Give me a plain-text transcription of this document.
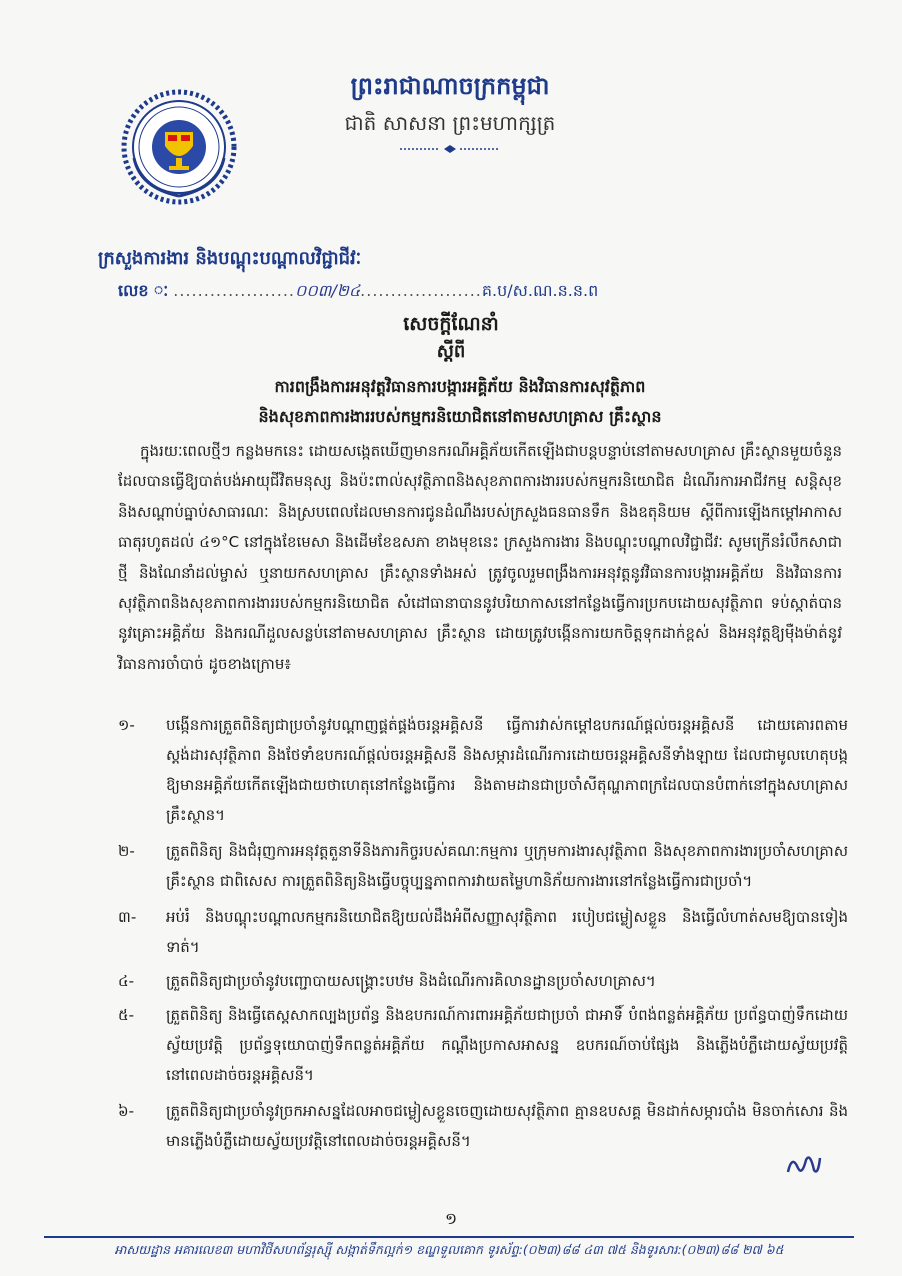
ព្រះរាជាណាចក្រកម្ពុជា
ជាតិ សាសនា ព្រះមហាក្សត្រ
ក្រសួងការងារ និងបណ្តុះបណ្តាលវិជ្ជាជីវៈ
លេខ ៈ ....................០០៣/២៤....................គ.ប/ស.ណ.ន.ន.ព
សេចក្តីណែនាំ
ស្តីពី
ការពង្រឹងការអនុវត្តវិធានការបង្ការអគ្គិភ័យ និងវិធានការសុវត្ថិភាព
និងសុខភាពការងាររបស់កម្មករនិយោជិតនៅតាមសហគ្រាស គ្រឹះស្ថាន
ក្នុងរយៈពេលថ្មីៗ កន្លងមកនេះ ដោយសង្កេតឃើញមានករណីអគ្គិភ័យកើតឡើងជាបន្តបន្ទាប់នៅតាមសហគ្រាស គ្រឹះស្ថានមួយចំនួន ដែលបានធ្វើឱ្យបាត់បង់អាយុជីវិតមនុស្ស និងប៉ះពាល់សុវត្ថិភាពនិងសុខភាពការងាររបស់កម្មករនិយោជិត ដំណើរការអាជីវកម្ម សន្តិសុខ និងសណ្តាប់ធ្នាប់សាធារណៈ និងស្របពេលដែលមានការជូនដំណឹងរបស់ក្រសួងធនធានទឹក និងឧតុនិយម ស្តីពីការឡើងកម្តៅអាកាសធាតុរហូតដល់ ៤១°C នៅក្នុងខែមេសា និងដើមខែឧសភា ខាងមុខនេះ ក្រសួងការងារ និងបណ្តុះបណ្តាលវិជ្ជាជីវៈ សូមក្រើនរំលឹកសាជាថ្មី និងណែនាំដល់ម្ចាស់ ឬនាយកសហគ្រាស គ្រឹះស្ថានទាំងអស់ ត្រូវចូលរួមពង្រឹងការអនុវត្តនូវវិធានការបង្ការអគ្គិភ័យ និងវិធានការសុវត្ថិភាពនិងសុខភាពការងាររបស់កម្មករនិយោជិត សំដៅធានាបាននូវបរិយាកាសនៅកន្លែងធ្វើការប្រកបដោយសុវត្ថិភាព ទប់ស្កាត់បាននូវគ្រោះអគ្គិភ័យ និងករណីដួលសន្លប់នៅតាមសហគ្រាស គ្រឹះស្ថាន ដោយត្រូវបង្កើនការយកចិត្តទុកដាក់ខ្ពស់ និងអនុវត្តឱ្យម៉ឺងម៉ាត់នូវវិធានការចាំបាច់ ដូចខាងក្រោម៖
១-	បង្កើនការត្រួតពិនិត្យជាប្រចាំនូវបណ្តាញផ្គត់ផ្គង់ចរន្តអគ្គិសនី ធ្វើការវាស់កម្តៅឧបករណ៍ផ្តល់ចរន្តអគ្គិសនី ដោយគោរពតាមស្តង់ដារសុវត្ថិភាព និងថែទាំឧបករណ៍ផ្តល់ចរន្តអគ្គិសនី និងសម្ភារដំណើរការដោយចរន្តអគ្គិសនីទាំងឡាយ ដែលជាមូលហេតុបង្កឱ្យមានអគ្គិភ័យកើតឡើងជាយថាហេតុនៅកន្លែងធ្វើការ និងតាមដានជាប្រចាំសីតុណ្ហភាពក្រដែលបានបំពាក់នៅក្នុងសហគ្រាស គ្រឹះស្ថាន។
២-	ត្រួតពិនិត្យ និងជំរុញការអនុវត្តតួនាទីនិងភារកិច្ចរបស់គណៈកម្មការ ឬក្រុមការងារសុវត្ថិភាព និងសុខភាពការងារប្រចាំសហគ្រាស គ្រឹះស្ថាន ជាពិសេស ការត្រួតពិនិត្យនិងធ្វើបច្ចុប្បន្នភាពការវាយតម្លៃហានិភ័យការងារនៅកន្លែងធ្វើការជាប្រចាំ។
៣-	អប់រំ និងបណ្តុះបណ្តាលកម្មករនិយោជិតឱ្យយល់ដឹងអំពីសញ្ញាសុវត្ថិភាព របៀបជម្លៀសខ្លួន និងធ្វើលំហាត់សមឱ្យបានទៀងទាត់។
៤-	ត្រួតពិនិត្យជាប្រចាំនូវបញ្ជោបាយសង្គ្រោះបឋម និងដំណើរការគិលានដ្ឋានប្រចាំសហគ្រាស។
៥-	ត្រួតពិនិត្យ និងធ្វើតេស្តសាកល្បងប្រព័ន្ធ និងឧបករណ៍ការពារអគ្គិភ័យជាប្រចាំ ជាអាទិ៍ បំពង់ពន្លត់អគ្គិភ័យ ប្រព័ន្ធបាញ់ទឹកដោយស្វ័យប្រវត្តិ ប្រព័ន្ធទុយោបាញ់ទឹកពន្លត់អគ្គិភ័យ កណ្តឹងប្រកាសអាសន្ន ឧបករណ៍ចាប់ផ្សែង និងភ្លើងបំភ្លឺដោយស្វ័យប្រវត្តិនៅពេលដាច់ចរន្តអគ្គិសនី។
៦-	ត្រួតពិនិត្យជាប្រចាំនូវច្រកអាសន្នដែលអាចជម្លៀសខ្លួនចេញដោយសុវត្ថិភាព គ្មានឧបសគ្គ មិនដាក់សម្ភារបាំង មិនចាក់សោរ និងមានភ្លើងបំភ្លឺដោយស្វ័យប្រវត្តិនៅពេលដាច់ចរន្តអគ្គិសនី។
១
អាសយដ្ឋាន អគារលេខ៣ មហាវិថីសហព័ន្ធរុស្ស៊ី សង្កាត់ទឹកល្អក់១ ខណ្ឌទួលគោក ទូរស័ព្ទ:(០២៣)៨៨ ៤៣ ៧៥ និងទូរសារ:(០២៣)៨៨ ២៧ ៦៥
